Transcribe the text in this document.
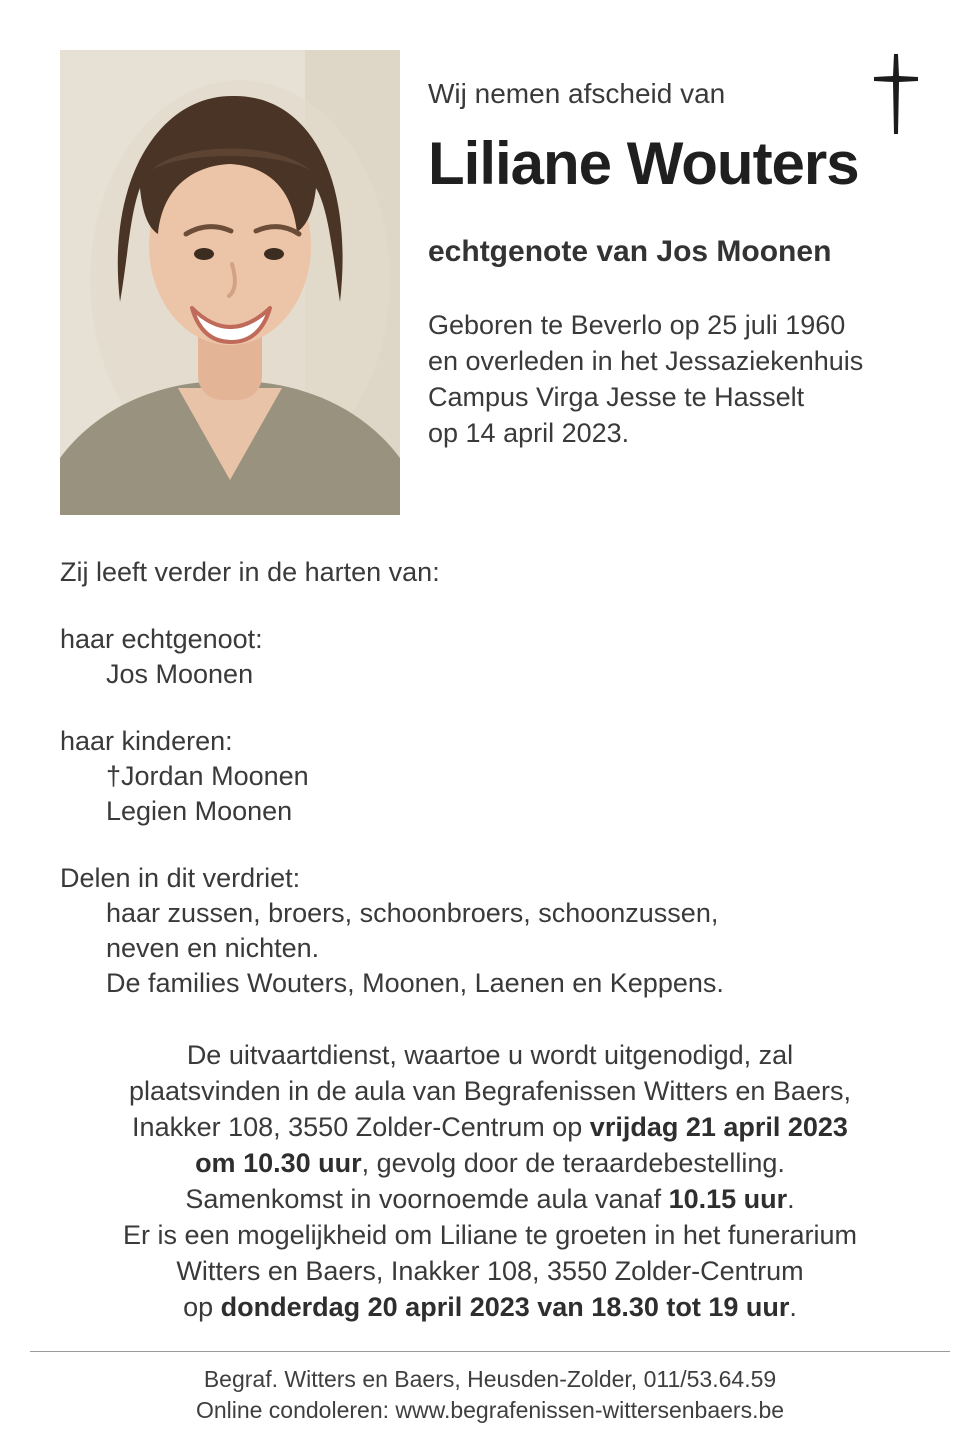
Wij nemen afscheid van
Liliane Wouters
echtgenote van Jos Moonen
Geboren te Beverlo op 25 juli 1960
en overleden in het Jessaziekenhuis
Campus Virga Jesse te Hasselt
op 14 april 2023.
Zij leeft verder in de harten van:
haar echtgenoot:
Jos Moonen
haar kinderen:
†Jordan Moonen
Legien Moonen
Delen in dit verdriet:
haar zussen, broers, schoonbroers, schoonzussen,
neven en nichten.
De families Wouters, Moonen, Laenen en Keppens.
De uitvaartdienst, waartoe u wordt uitgenodigd, zal
plaatsvinden in de aula van Begrafenissen Witters en Baers,
Inakker 108, 3550 Zolder-Centrum op vrijdag 21 april 2023
om 10.30 uur, gevolg door de teraardebestelling.
Samenkomst in voornoemde aula vanaf 10.15 uur.
Er is een mogelijkheid om Liliane te groeten in het funerarium
Witters en Baers, Inakker 108, 3550 Zolder-Centrum
op donderdag 20 april 2023 van 18.30 tot 19 uur.
Begraf. Witters en Baers, Heusden-Zolder, 011/53.64.59
Online condoleren: www.begrafenissen-wittersenbaers.be
